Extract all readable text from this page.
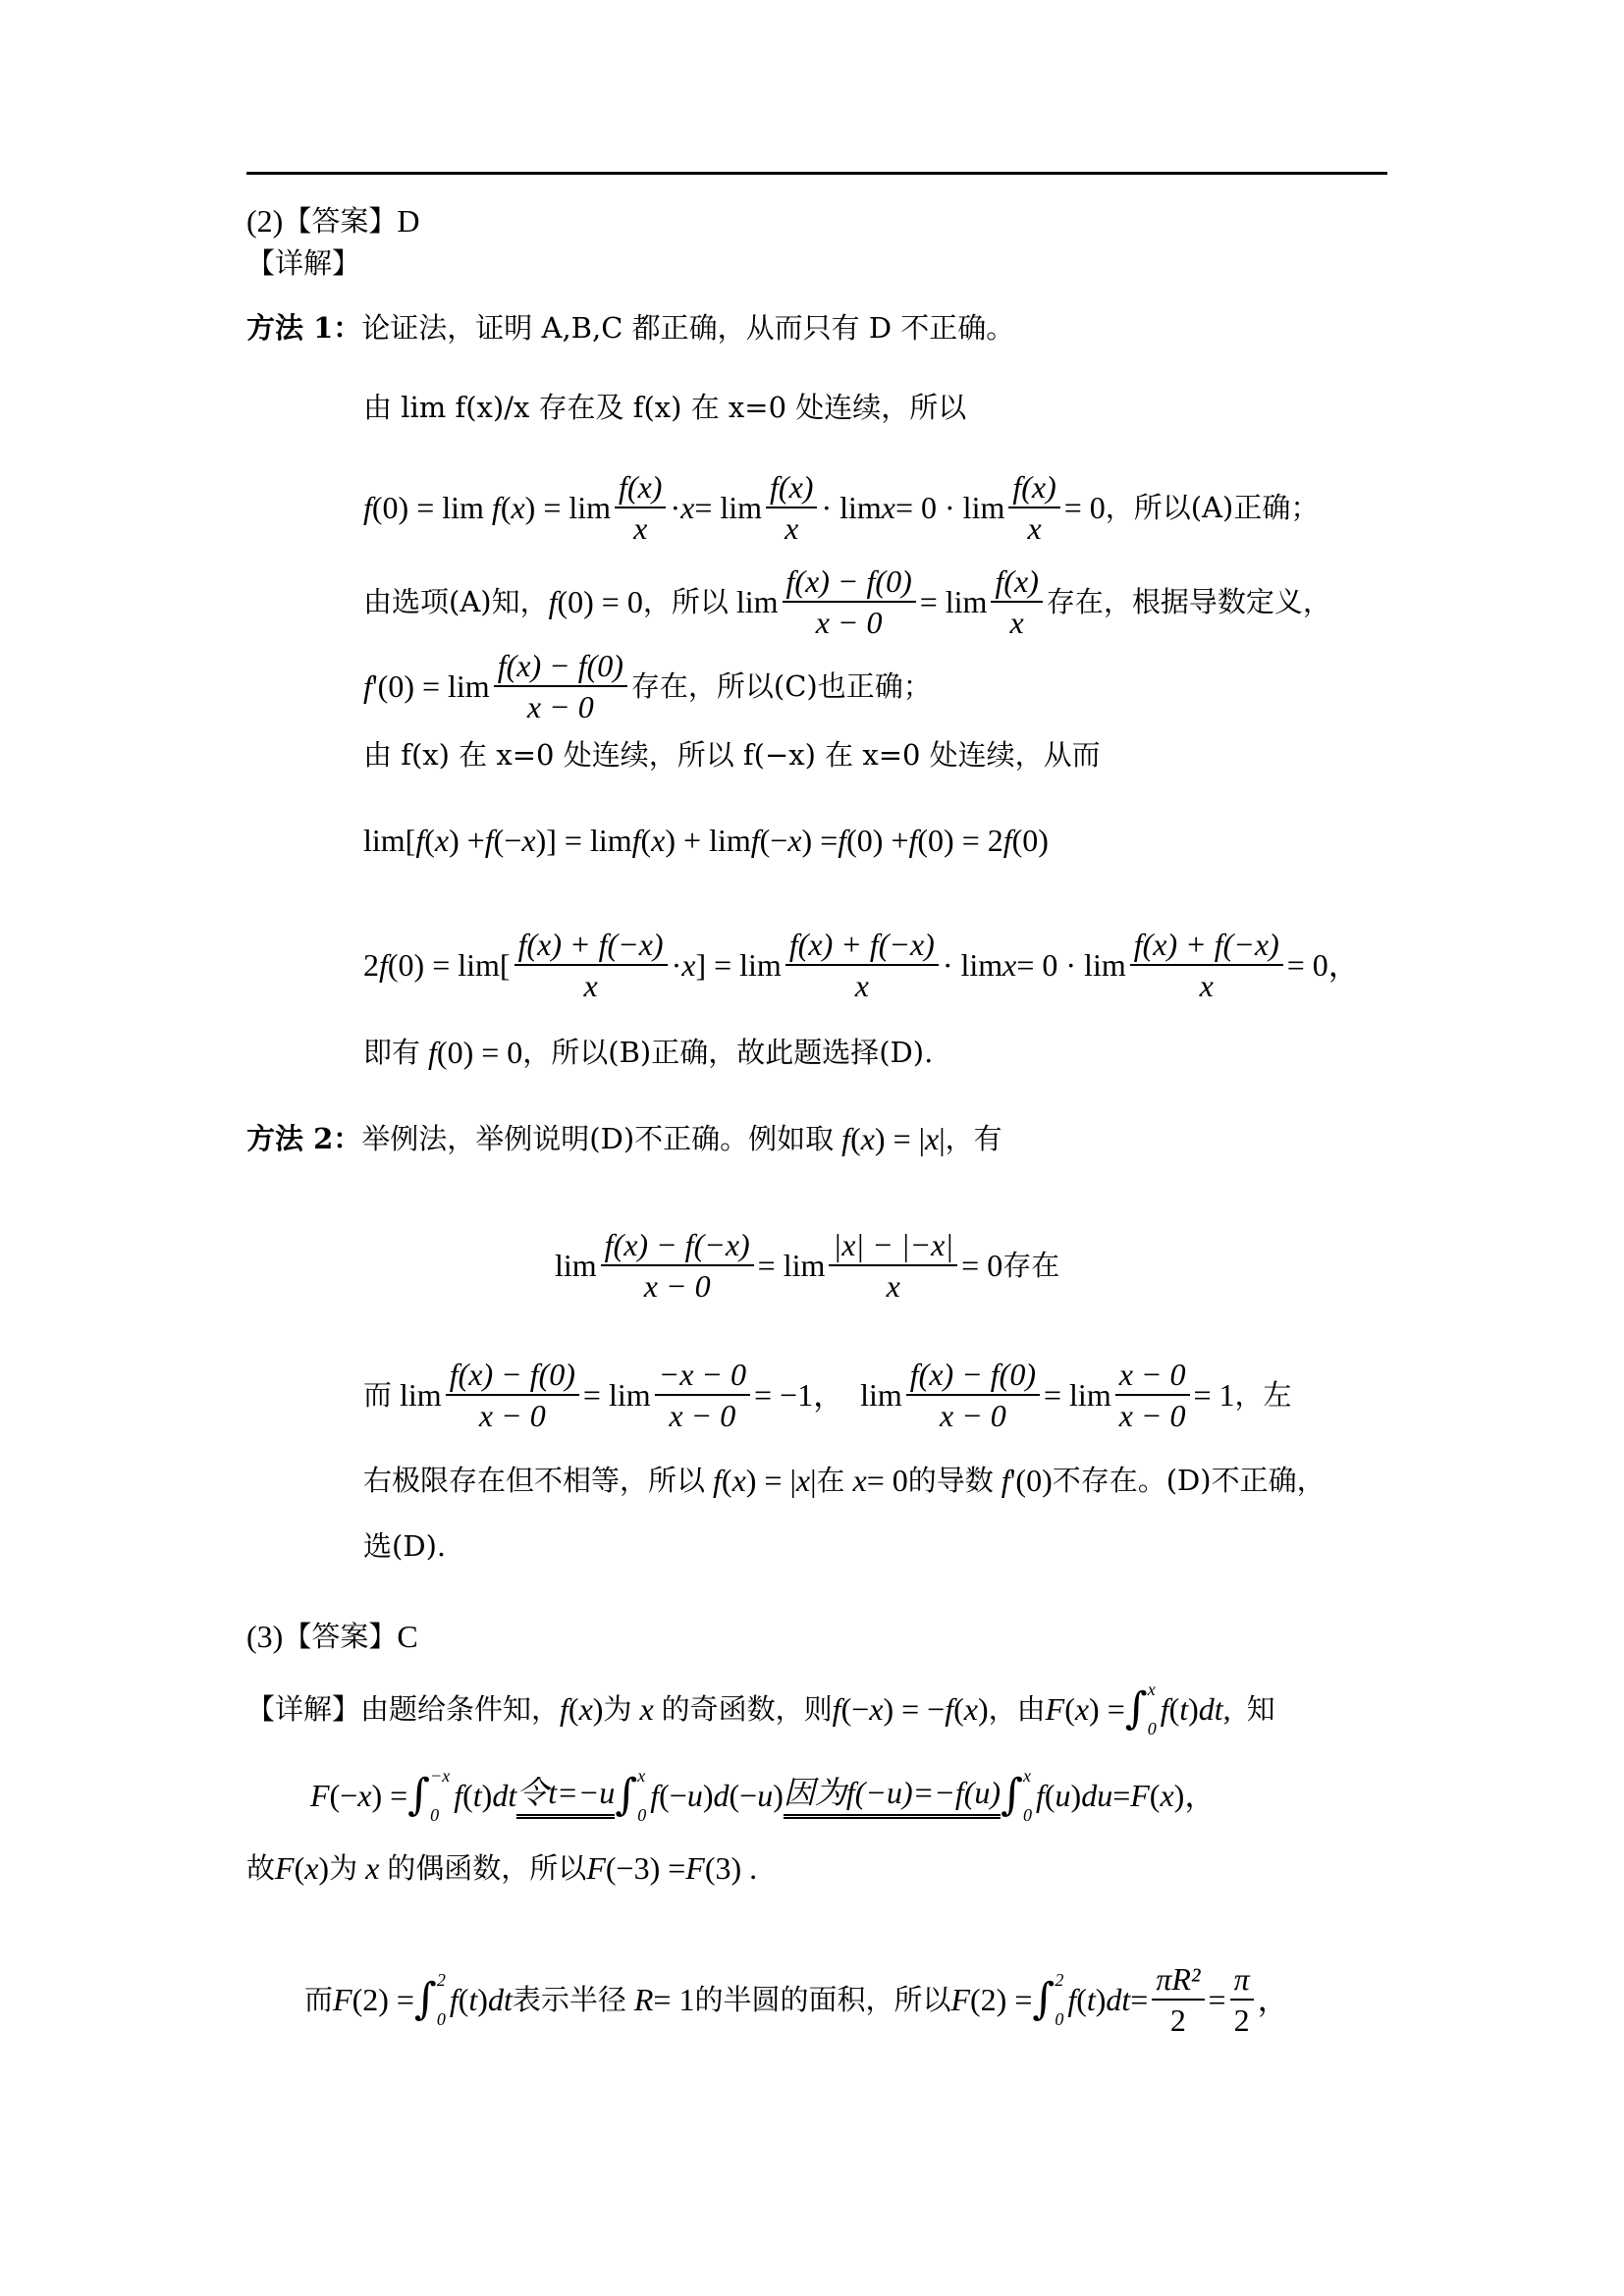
(2) 【答案】 D
【详解】
方法 1： 论证法，证明 A,B,C 都正确，从而只有 D 不正确。
由 lim f(x)/x 存在及 f(x) 在 x=0 处连续，所以
f (0) = lim f ( x ) = $\lim \frac{f(x)}{x} \cdot x = \lim \frac{f(x)}{x} \cdot \lim x = 0 \cdot \lim \frac{f(x)}{x} = 0$ ，所以(A)正确；
由选项(A)知， f (0) = 0 ，所以 $\lim \frac{f(x) - f(0)}{x - 0} = \lim \frac{f(x)}{x}$ 存在，根据导数定义，
f '$(0) = \lim \frac{f(x) - f(0)}{x - 0}$ 存在，所以(C)也正确；
由 f(x) 在 x=0 处连续，所以 f(−x) 在 x=0 处连续，从而
lim[ f ( x ) + f (− x )] = lim f ( x ) + lim f (− x ) = f (0) + f (0) = 2 f (0)
2 f $(0) = \lim[ \frac{f(x) + f(-x)}{x} \cdot x$ ] = $\lim \frac{f(x) + f(-x)}{x} \cdot \lim x = 0 \cdot \lim \frac{f(x) + f(-x)}{x} = 0$，
即有 f (0) = 0 ，所以(B)正确，故此题选择(D).
方法 2： 举例法，举例说明(D)不正确。例如取 f ( x ) = | x | ，有
$\lim \frac{f(x) - f(-x)}{x - 0} = \lim \frac{|x| - |-x|}{x} = 0$ 存在
而 $\lim \frac{f(x) - f(0)}{x - 0} = \lim \frac{-x - 0}{x - 0} = -1$，  $\lim \frac{f(x) - f(0)}{x - 0} = \lim \frac{x - 0}{x - 0} = 1$ ，左
右极限存在但不相等，所以 f ( x ) = | x | 在 x = 0 的导数 f '(0) 不存在。(D)不正确，
选(D).
(3) 【答案】 C
【详解】 由题给条件知， f ( x ) 为 x 的奇函数，则 f (− x ) = − f ( x ) ，由 F ( x ) = ∫ x
0
f ( t ) dt , 知
F (− x ) = ∫ −x
0
f ( t ) dt 令t=−u ∫ x
0
f (− u ) d (− u ) 因为f(−u)=−f(u) ∫ x
0
f ( u ) du = F ( x )，
故 F ( x ) 为 x 的偶函数，所以 F (−3) = F (3) .
而 F (2) = ∫ 2
0
f ( t ) dt 表示半径 R = 1 的半圆的面积，所以 F (2) = ∫ 2
0
f ( t ) dt = $\frac{\text{πR²}}{2} = \frac{\pi}{2}$ ，
